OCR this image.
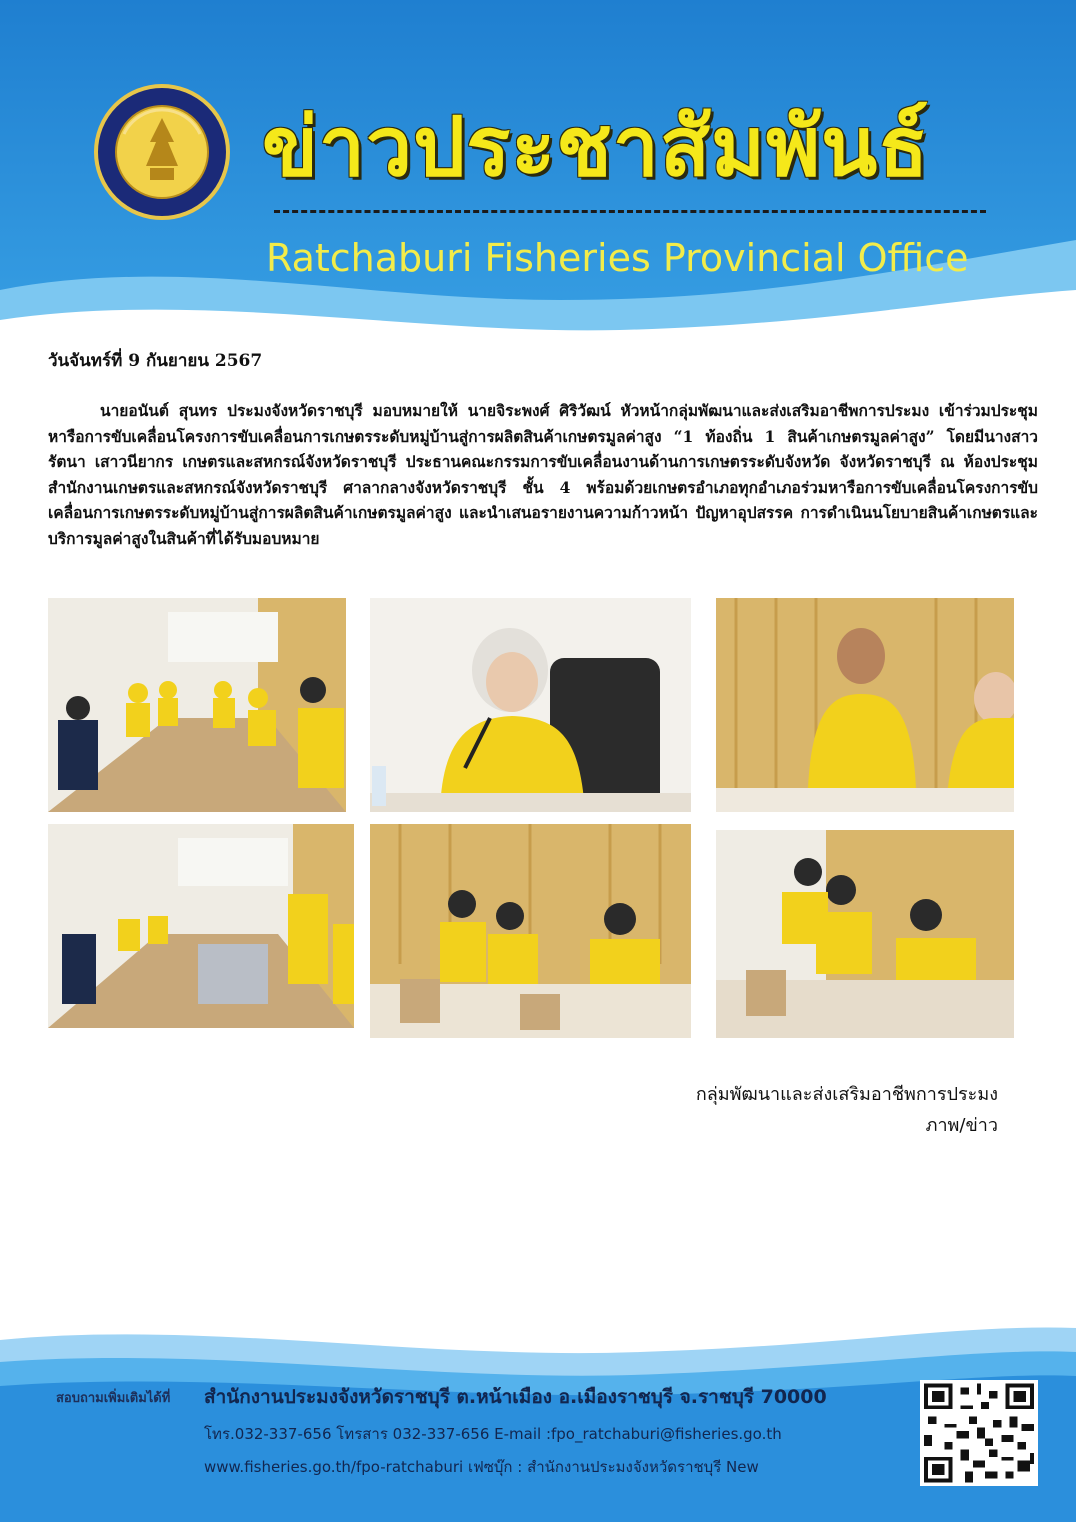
ข่าวประชาสัมพันธ์
Ratchaburi Fisheries Provincial Office
วันจันทร์ที่ 9 กันยายน 2567

นายอนันต์ สุนทร ประมงจังหวัดราชบุรี มอบหมายให้ นายจิระพงศ์ ศิริวัฒน์ หัวหน้ากลุ่มพัฒนาและส่งเสริมอาชีพการประมง เข้าร่วมประชุมหารือการขับเคลื่อนโครงการขับเคลื่อนการเกษตรระดับหมู่บ้านสู่การผลิตสินค้าเกษตรมูลค่าสูง “1 ท้องถิ่น 1 สินค้าเกษตรมูลค่าสูง” โดยมีนางสาวรัตนา เสาวนียากร เกษตรและสหกรณ์จังหวัดราชบุรี ประธานคณะกรรมการขับเคลื่อนงานด้านการเกษตรระดับจังหวัด จังหวัดราชบุรี ณ ห้องประชุมสำนักงานเกษตรและสหกรณ์จังหวัดราชบุรี ศาลากลางจังหวัดราชบุรี ชั้น 4 พร้อมด้วยเกษตรอำเภอทุกอำเภอร่วมหารือการขับเคลื่อนโครงการขับเคลื่อนการเกษตรระดับหมู่บ้านสู่การผลิตสินค้าเกษตรมูลค่าสูง และนำเสนอรายงานความก้าวหน้า ปัญหาอุปสรรค การดำเนินนโยบายสินค้าเกษตรและบริการมูลค่าสูงในสินค้าที่ได้รับมอบหมาย

กลุ่มพัฒนาและส่งเสริมอาชีพการประมง
ภาพ/ข่าว
สอบถามเพิ่มเติมได้ที่	สำนักงานประมงจังหวัดราชบุรี ต.หน้าเมือง อ.เมืองราชบุรี จ.ราชบุรี 70000
โทร.032-337-656 โทรสาร 032-337-656 E-mail :fpo_ratchaburi@fisheries.go.th
www.fisheries.go.th/fpo-ratchaburi เฟซบุ๊ก : สำนักงานประมงจังหวัดราชบุรี New
